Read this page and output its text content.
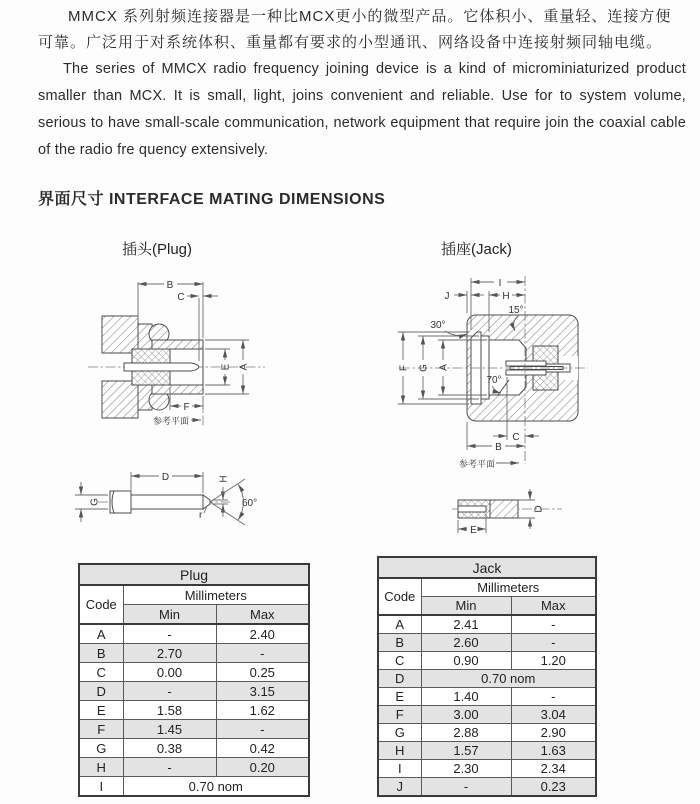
MMCX 系列射频连接器是一种比MCX更小的微型产品。它体积小、重量轻、连接方便可靠。广泛用于对系统体积、重量都有要求的小型通讯、网络设备中连接射频同轴电缆。

The series of MMCX radio frequency joining device is a kind of microminiaturized product smaller than MCX. It is small, light, joins convenient and reliable. Use for to system volume, serious to have small-scale communication, network equipment that require join the coaxial cable of the radio fre quency extensively.

界面尺寸 INTERFACE MATING DIMENSIONS
插头(Plug)	插座(Jack)
B
C
A
E
F
参考平面
D
G
H
60°
r
I
J	H
F G A
C
B
30°
15°
70°
参考平面
E
D
Plug		
Code	Millimeters	
	Min	Max
A	-	2.40
B	2.70	-
C	0.00	0.25
D	-	3.15
E	1.58	1.62
F	1.45	-
G	0.38	0.42
H	-	0.20
I	0.70 nom	
Jack		
Code	Millimeters	
	Min	Max
A	2.41	-
B	2.60	-
C	0.90	1.20
D	0.70 nom	
E	1.40	-
F	3.00	3.04
G	2.88	2.90
H	1.57	1.63
I	2.30	2.34
J	-	0.23
